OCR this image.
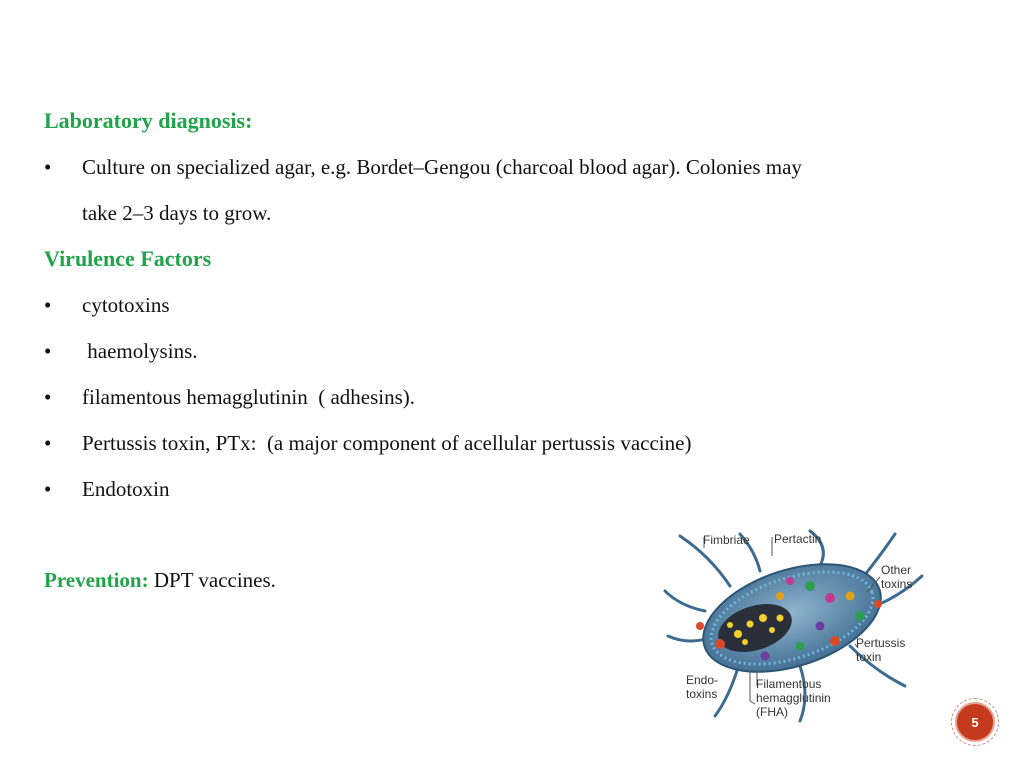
Laboratory diagnosis:
•	Culture on specialized agar, e.g. Bordet–Gengou (charcoal blood agar). Colonies may
take 2–3 days to grow.
Virulence Factors
•	cytotoxins
•	haemolysins.
•	filamentous hemagglutinin  ( adhesins).
•	Pertussis toxin, PTx:  (a major component of acellular pertussis vaccine)
•	Endotoxin
Prevention: DPT vaccines.
Fimbriae Pertactin
Other
toxins
Pertussis
toxin
Endo-
toxins
Filamentous
hemagglutinin
(FHA)
5
